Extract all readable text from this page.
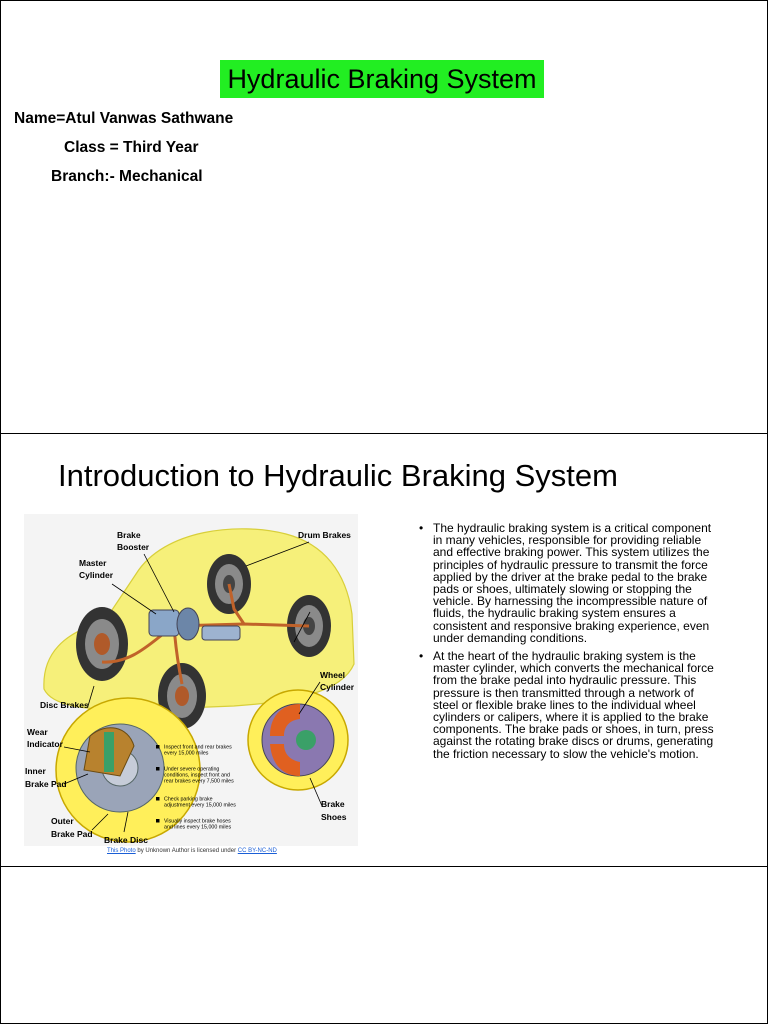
Hydraulic Braking System
Name=Atul Vanwas Sathwane
Class = Third Year
Branch:- Mechanical
Introduction to Hydraulic Braking System
Inspect front and rear brakes
every 15,000 miles
Under severe operating
conditions, inspect front and
rear brakes every 7,500 miles
Check parking brake
adjustment every 15,000 miles
Visually inspect brake hoses
and lines every 15,000 miles
Brake
Booster
Master
Cylinder
Drum Brakes
Wheel
Cylinder
Disc Brakes
Wear
Indicator
Inner
Brake Pad
Outer
Brake Pad
Brake Disc
Brake
Shoes
This Photo by Unknown Author is licensed under CC BY-NC-ND
• The hydraulic braking system is a critical component in many vehicles, responsible for providing reliable and effective braking power. This system utilizes the principles of hydraulic pressure to transmit the force applied by the driver at the brake pedal to the brake pads or shoes, ultimately slowing or stopping the vehicle. By harnessing the incompressible nature of fluids, the hydraulic braking system ensures a consistent and responsive braking experience, even under demanding conditions.
• At the heart of the hydraulic braking system is the master cylinder, which converts the mechanical force from the brake pedal into hydraulic pressure. This pressure is then transmitted through a network of steel or flexible brake lines to the individual wheel cylinders or calipers, where it is applied to the brake components. The brake pads or shoes, in turn, press against the rotating brake discs or drums, generating the friction necessary to slow the vehicle's motion.
